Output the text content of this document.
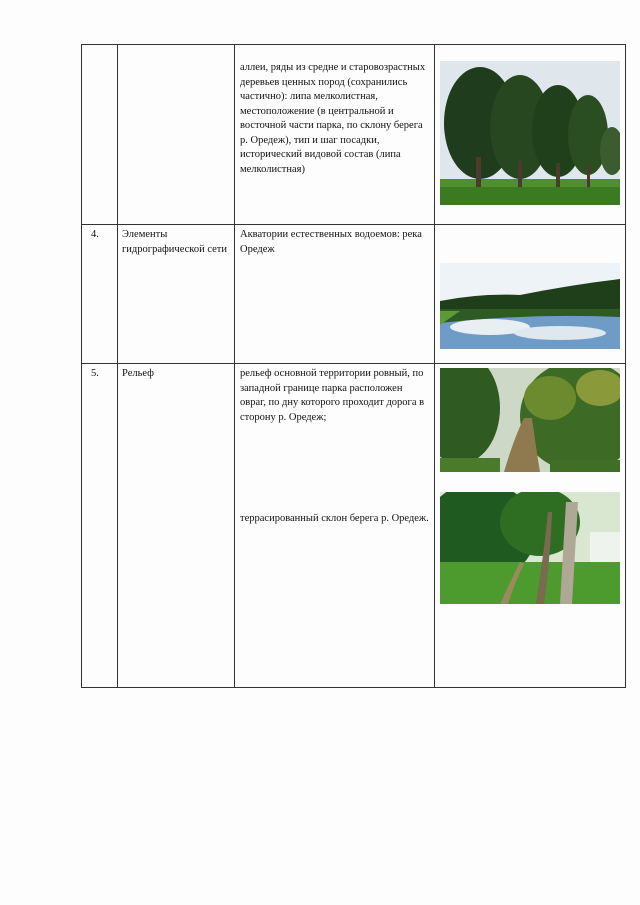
		аллеи, ряды из средне и старовозрастных деревьев ценных пород (сохранились частично): липа мелколистная, местоположение (в центральной и восточной части парка, по склону берега р. Оредеж), тип и шаг посадки, исторический видовой состав (липа мелколистная)

4.	Элементы гидрографической сети	Акватории естественных водоемов: река Оредеж

5.	Рельеф	рельеф основной территории ровный, по западной границе парка расположен овраг, по дну которого проходит дорога в сторону р. Оредеж;
террасированный склон берега р. Оредеж.
